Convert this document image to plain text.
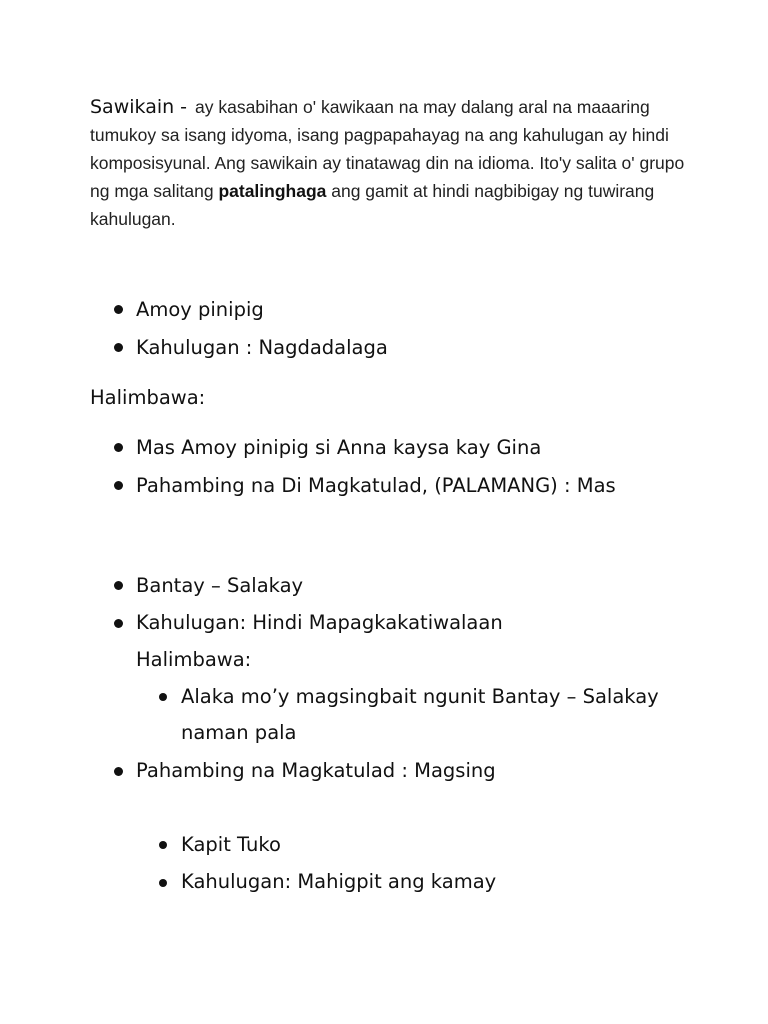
Sawikain - ay kasabihan o' kawikaan na may dalang aral na maaaring tumukoy sa isang idyoma, isang pagpapahayag na ang kahulugan ay hindi komposisyunal. Ang sawikain ay tinatawag din na idioma. Ito'y salita o' grupo ng mga salitang patalinghaga ang gamit at hindi nagbibigay ng tuwirang kahulugan.
Amoy pinipig
Kahulugan : Nagdadalaga
Halimbawa:
Mas Amoy pinipig si Anna kaysa kay Gina
Pahambing na Di Magkatulad, (PALAMANG) : Mas
Bantay – Salakay
Kahulugan: Hindi Mapagkakatiwalaan
Halimbawa:
Alaka mo’y magsingbait ngunit Bantay – Salakay
naman pala
Pahambing na Magkatulad : Magsing
Kapit Tuko
Kahulugan: Mahigpit ang kamay
